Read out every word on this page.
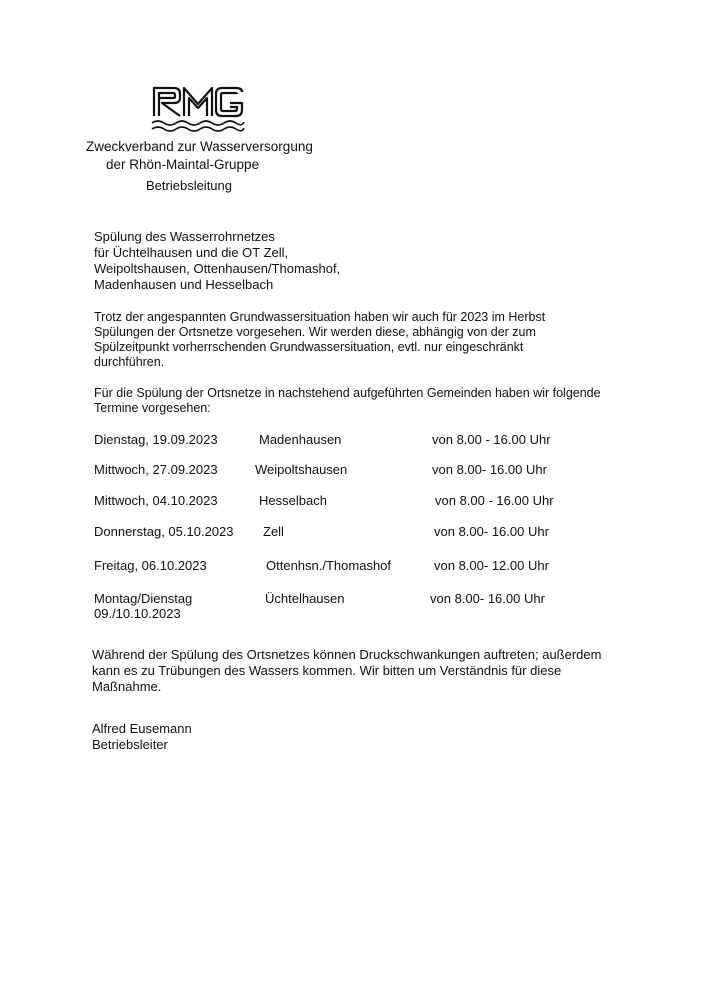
Zweckverband zur Wasserversorgung
der Rhön-Maintal-Gruppe
Betriebsleitung
Spülung des Wasserrohrnetzes
für Üchtelhausen und die OT Zell,
Weipoltshausen, Ottenhausen/Thomashof,
Madenhausen und Hesselbach
Trotz der angespannten Grundwassersituation haben wir auch für 2023 im Herbst
Spülungen der Ortsnetze vorgesehen. Wir werden diese, abhängig von der zum
Spülzeitpunkt vorherrschenden Grundwassersituation, evtl. nur eingeschränkt
durchführen.
Für die Spülung der Ortsnetze in nachstehend aufgeführten Gemeinden haben wir folgende
Termine vorgesehen:
Dienstag, 19.09.2023	Madenhausen	von 8.00 - 16.00 Uhr
Mittwoch, 27.09.2023	Weipoltshausen	von 8.00- 16.00 Uhr
Mittwoch, 04.10.2023	Hesselbach	von 8.00 - 16.00 Uhr
Donnerstag, 05.10.2023 Zell	von 8.00- 16.00 Uhr
Freitag, 06.10.2023	Ottenhsn./Thomashof	von 8.00- 12.00 Uhr
Montag/Dienstag
09./10.10.2023
Üchtelhausen	von 8.00- 16.00 Uhr
Während der Spülung des Ortsnetzes können Druckschwankungen auftreten; außerdem
kann es zu Trübungen des Wassers kommen. Wir bitten um Verständnis für diese
Maßnahme.
Alfred Eusemann
Betriebsleiter
